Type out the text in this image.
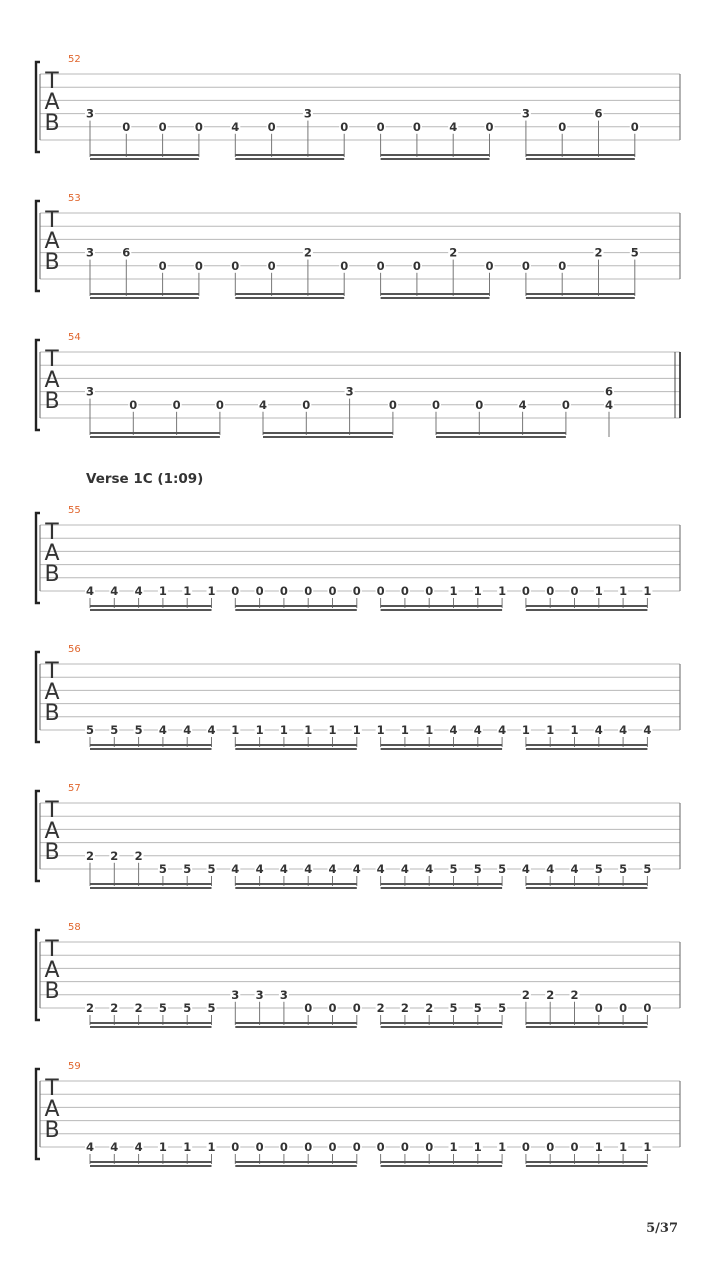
52
T
A
B 3
0 0 0 4 0
3
0 0 0 4 0
3
0
6
0
53
T
A
B 3 6
0 0 0 0
2
0 0 0
2
0 0 0
2 5
54
T
A
B 3
0	0	0	4	0
3
0	0	0	4	0
6
4
55
T
A
B
4 4 4 1 1 1 0 0 0 0 0 0 0 0 0 1 1 1 0 0 0 1 1 1
56
T
A
B
5 5 5 4 4 4 1 1 1 1 1 1 1 1 1 4 4 4 1 1 1 4 4 4
57
T
A
B 2 2 2
5 5 5 4 4 4 4 4 4 4 4 4 5 5 5 4 4 4 5 5 5
58
T
A
B
2 2 2 5 5 5
3 3 3
0 0 0 2 2 2 5 5 5
2 2 2
0 0 0
59
T
A
B
4 4 4 1 1 1 0 0 0 0 0 0 0 0 0 1 1 1 0 0 0 1 1 1
Verse 1C (1:09)
5/37
